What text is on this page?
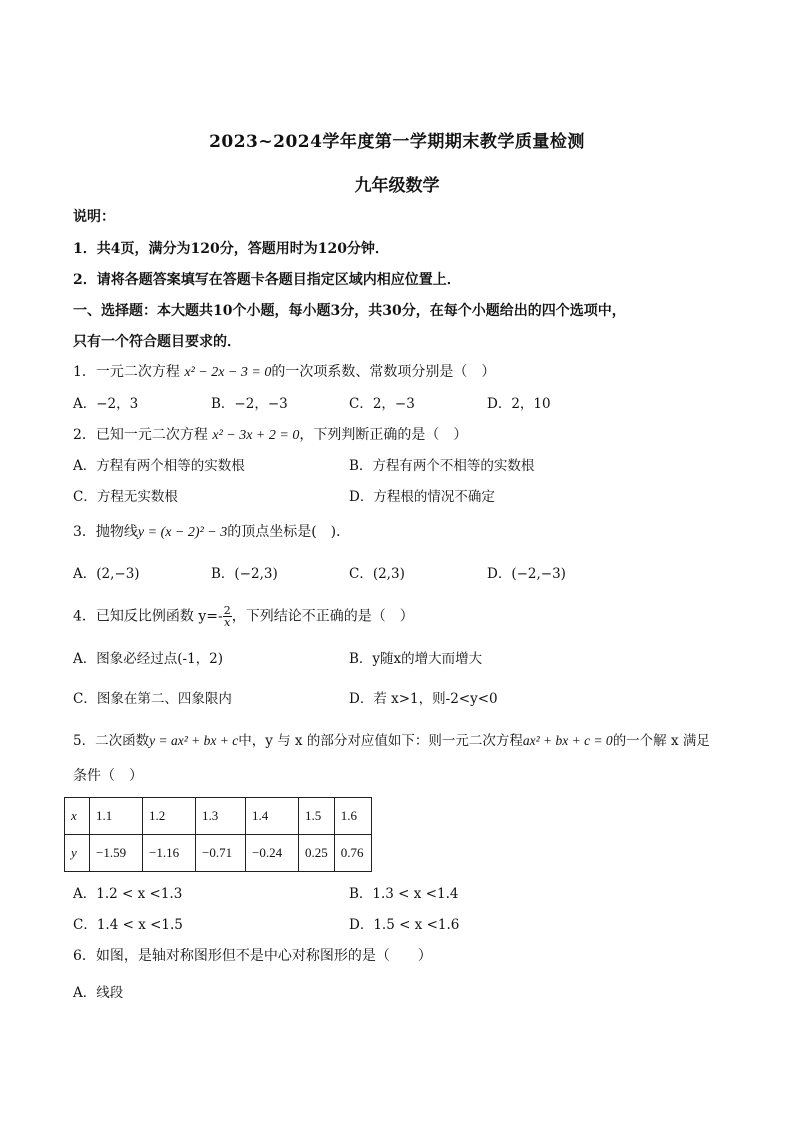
2023~2024学年度第一学期期末教学质量检测
九年级数学
说明：
1．共4页，满分为120分，答题用时为120分钟．
2．请将各题答案填写在答题卡各题目指定区域内相应位置上．
一、选择题：本大题共10个小题，每小题3分，共30分，在每个小题给出的四个选项中，
只有一个符合题目要求的．
1．一元二次方程 x² − 2x − 3 = 0的一次项系数、常数项分别是（　）
A．−2，3	B．−2，−3	C．2，−3	D．2，10
2．已知一元二次方程 x² − 3x + 2 = 0，下列判断正确的是（　）
A．方程有两个相等的实数根	B．方程有两个不相等的实数根
C．方程无实数根	D．方程根的情况不确定
3．抛物线y = (x − 2)² − 3的顶点坐标是(　)．
A．(2,−3)	B．(−2,3)	C．(2,3)	D．(−2,−3)
4．已知反比例函数 $y=- \frac{2}{x}$ ，下列结论不正确的是（　）
A．图象必经过点(-1，2)	B．y随x的增大而增大
C．图象在第二、四象限内	D．若 x>1，则-2<y<0
5．二次函数y = ax² + bx + c中，y 与 x 的部分对应值如下：则一元二次方程ax² + bx + c = 0的一个解 x 满足
条件（　）
x	1.1	1.2	1.3	1.4	1.5	1.6
y	−1.59	−1.16	−0.71	−0.24	0.25	0.76
A．1.2 < x <1.3	B．1.3 < x <1.4
C．1.4 < x <1.5	D．1.5 < x <1.6
6．如图，是轴对称图形但不是中心对称图形的是（　　）
A．线段
